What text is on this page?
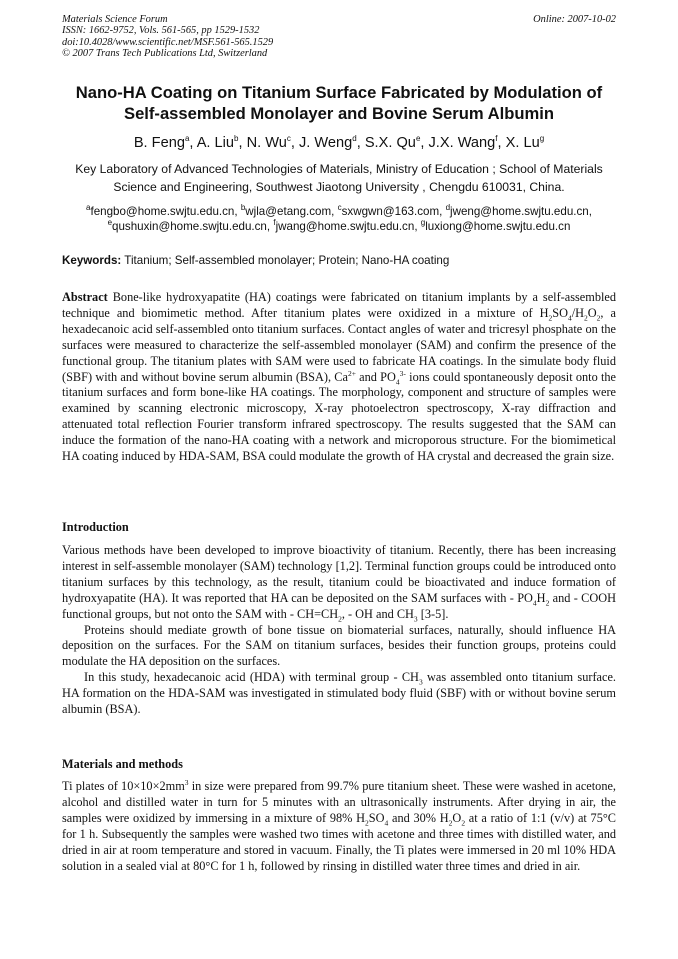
Materials Science Forum
ISSN: 1662-9752, Vols. 561-565, pp 1529-1532
doi:10.4028/www.scientific.net/MSF.561-565.1529
© 2007 Trans Tech Publications Ltd, Switzerland
Online: 2007-10-02
Nano-HA Coating on Titanium Surface Fabricated by Modulation of
Self-assembled Monolayer and Bovine Serum Albumin
B. Feng$^a$, A. Liu$^b$, N. Wu$^c$, J. Weng$^d$, S.X. Qu$^e$, J.X. Wang$^f$, X. Lu$^g$
Key Laboratory of Advanced Technologies of Materials, Ministry of Education ; School of Materials
Science and Engineering, Southwest Jiaotong University , Chengdu 610031, China.
$^a$fengbo@home.swjtu.edu.cn, $^b$wjla@etang.com, $^c$sxwgwn@163.com, $^d$jweng@home.swjtu.edu.cn,
$^e$qushuxin@home.swjtu.edu.cn, $^f$jwang@home.swjtu.edu.cn, $^g$luxiong@home.swjtu.edu.cn
Keywords: Titanium; Self-assembled monolayer; Protein; Nano-HA coating

Abstract Bone-like hydroxyapatite (HA) coatings were fabricated on titanium implants by a self-assembled technique and biomimetic method. After titanium plates were oxidized in a mixture of $H_2SO_4/H_2O_2$, a hexadecanoic acid self-assembled onto titanium surfaces. Contact angles of water and tricresyl phosphate on the surfaces were measured to characterize the self-assembled monolayer (SAM) and confirm the presence of the functional group. The titanium plates with SAM were used to fabricate HA coatings. In the simulate body fluid (SBF) with and without bovine serum albumin (BSA), $Ca^{2+}$ and $PO_4^{3-}$ ions could spontaneously deposit onto the titanium surfaces and form bone-like HA coatings. The morphology, component and structure of samples were examined by scanning electronic microscopy, X-ray photoelectron spectroscopy, X-ray diffraction and attenuated total reflection Fourier transform infrared spectroscopy. The results suggested that the SAM can induce the formation of the nano-HA coating with a network and microporous structure. For the biomimetical HA coating induced by HDA-SAM, BSA could modulate the growth of HA crystal and decreased the grain size.

Introduction

Various methods have been developed to improve bioactivity of titanium. Recently, there has been increasing interest in self-assemble monolayer (SAM) technology [1,2]. Terminal function groups could be introduced onto titanium surfaces by this technology, as the result, titanium could be bioactivated and induce formation of hydroxyapatite (HA). It was reported that HA can be deposited on the SAM surfaces with - $PO_4H_2$ and - COOH functional groups, but not onto the SAM with - $CH=CH_2$, - OH and $CH_3$ [3-5].

Proteins should mediate growth of bone tissue on biomaterial surfaces, naturally, should influence HA deposition on the surfaces. For the SAM on titanium surfaces, besides their function groups, proteins could modulate the HA deposition on the surfaces.

In this study, hexadecanoic acid (HDA) with terminal group - $CH_3$ was assembled onto titanium surface. HA formation on the HDA-SAM was investigated in stimulated body fluid (SBF) with or without bovine serum albumin (BSA).

Materials and methods

Ti plates of $10\times 10\times 2mm^3$ in size were prepared from 99.7% pure titanium sheet. These were washed in acetone, alcohol and distilled water in turn for 5 minutes with an ultrasonically instruments. After drying in air, the samples were oxidized by immersing in a mixture of 98% $H_2SO_4$ and 30% $H_2O_2$ at a ratio of 1:1 (v/v) at 75°C for 1 h. Subsequently the samples were washed two times with acetone and three times with distilled water, and dried in air at room temperature and stored in vacuum. Finally, the Ti plates were immersed in 20 ml 10% HDA solution in a sealed vial at 80°C for 1 h, followed by rinsing in distilled water three times and dried in air.
